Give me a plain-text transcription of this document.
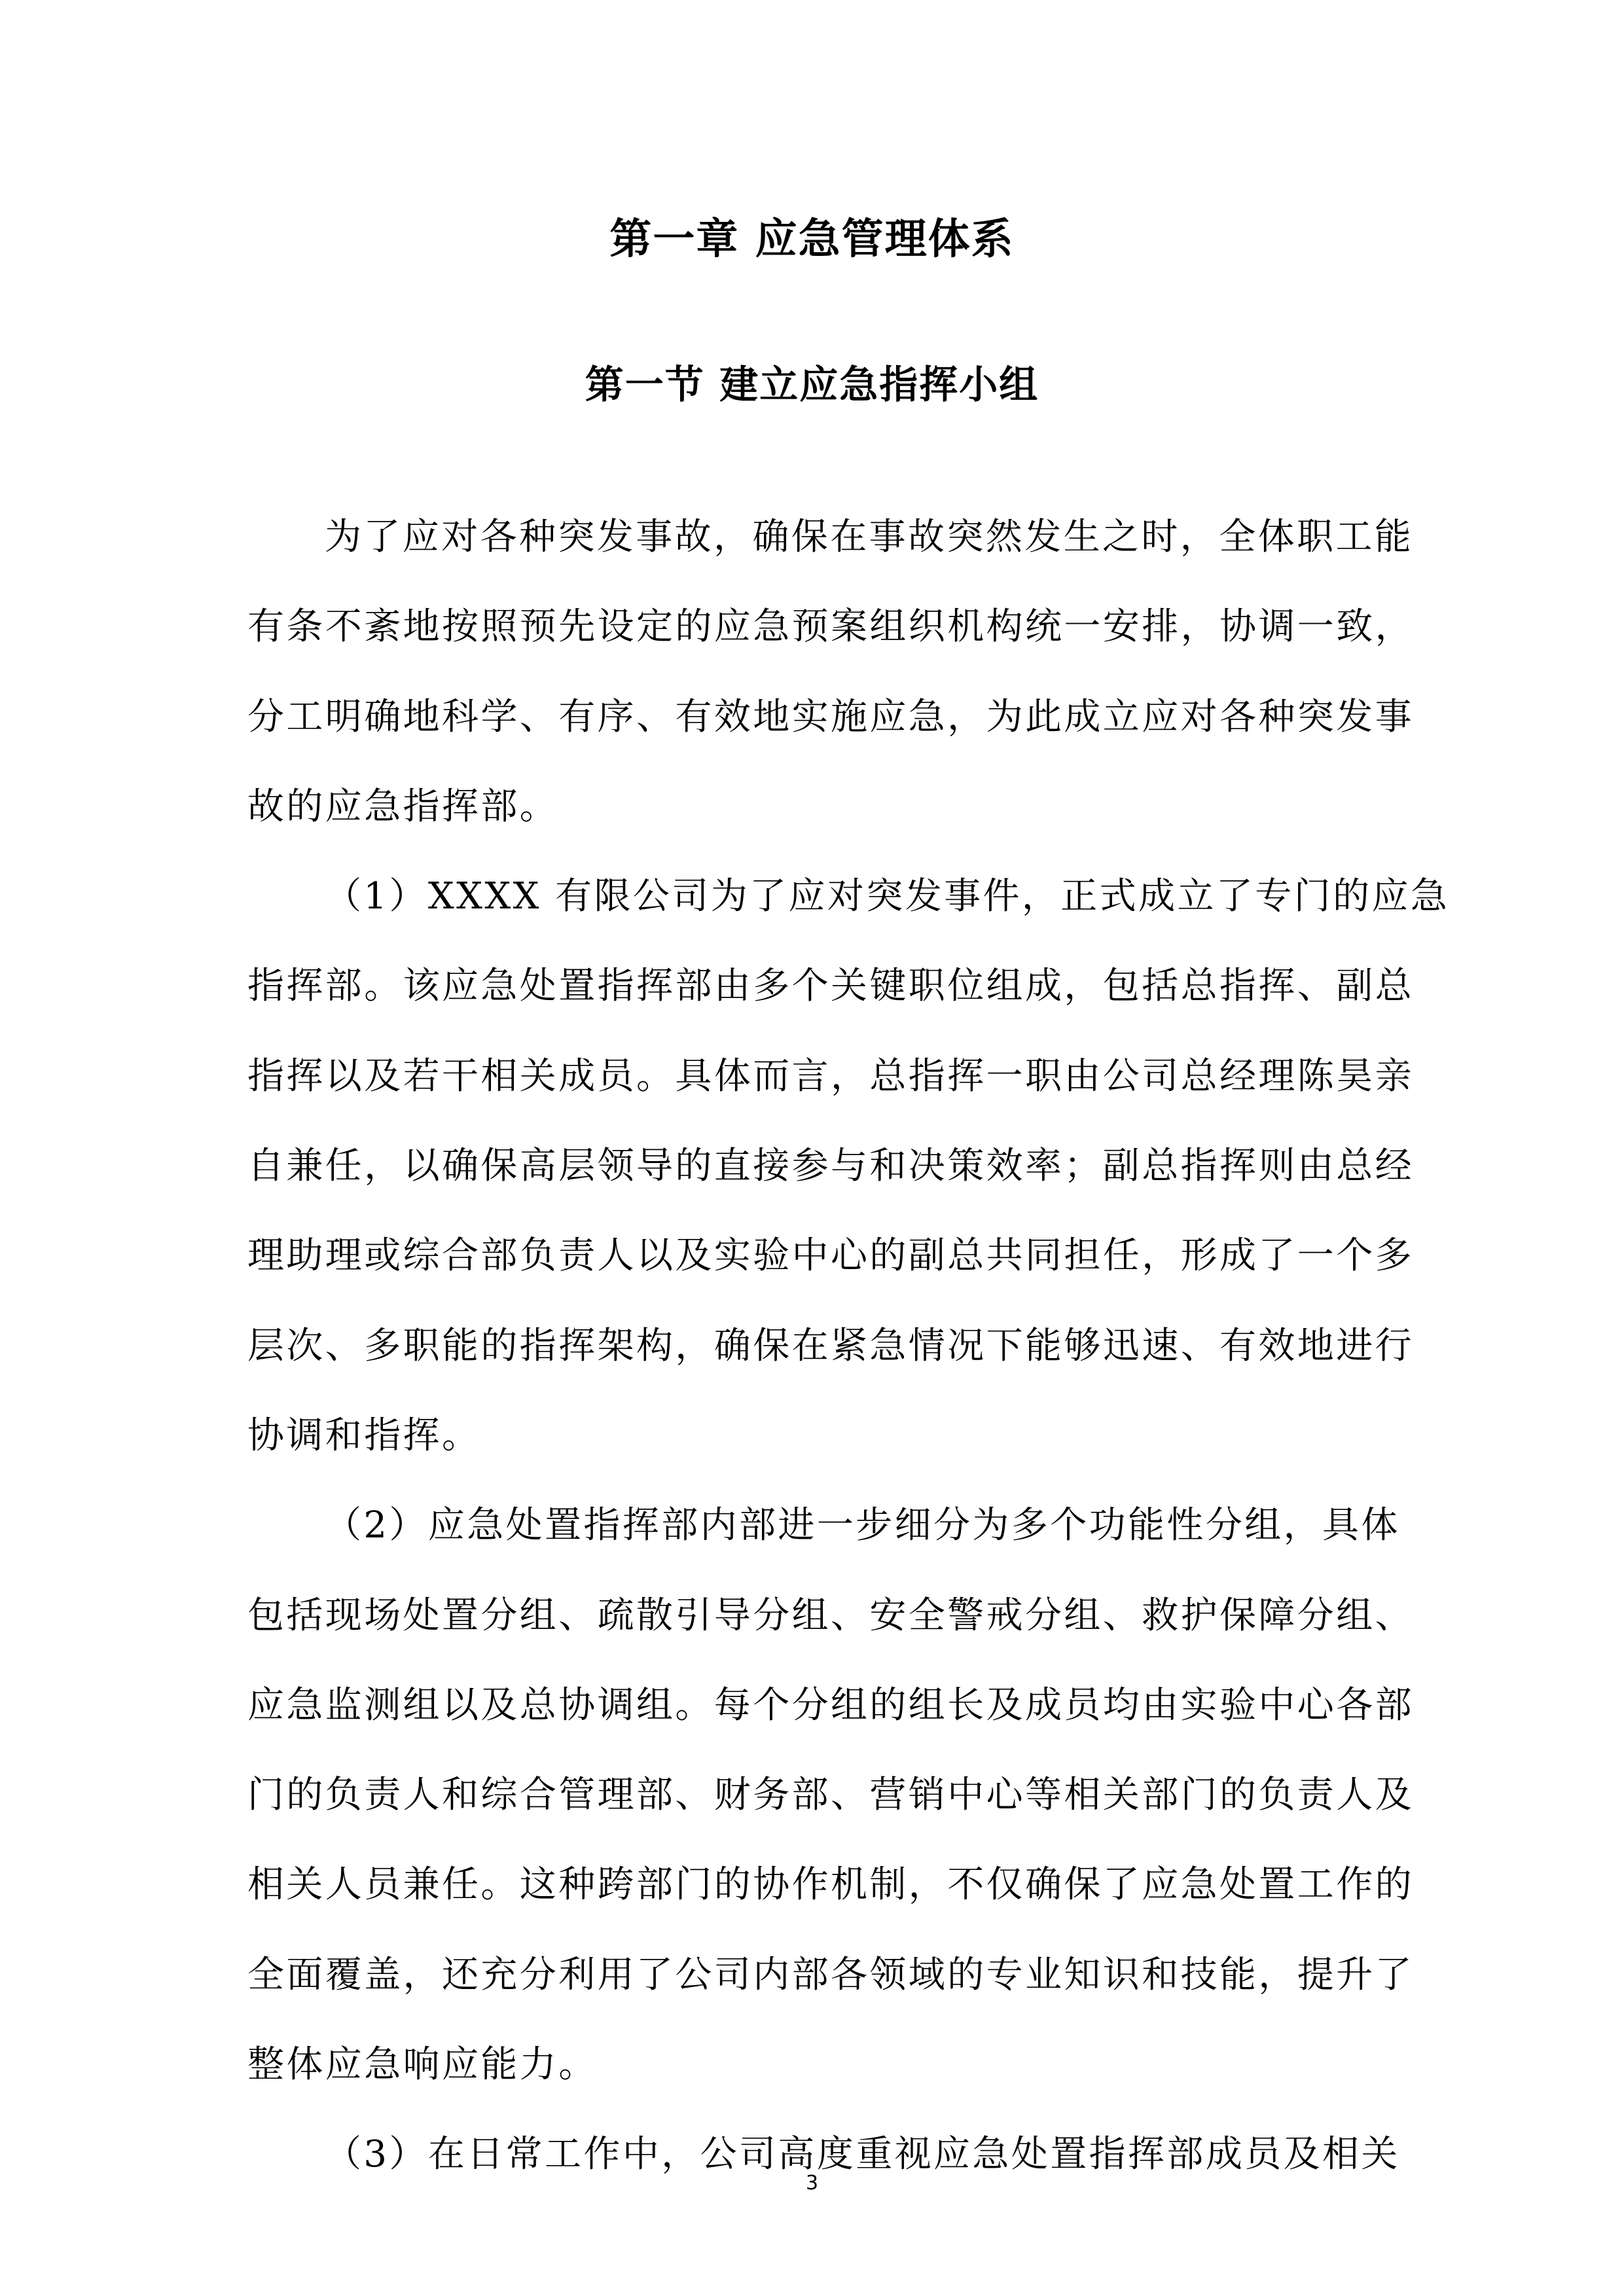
第一章 应急管理体系
第一节 建立应急指挥小组

为了应对各种突发事故，确保在事故突然发生之时，全体职工能
有条不紊地按照预先设定的应急预案组织机构统一安排，协调一致，
分工明确地科学、有序、有效地实施应急，为此成立应对各种突发事
故的应急指挥部。

（1）XXXX 有限公司为了应对突发事件，正式成立了专门的应急
指挥部。该应急处置指挥部由多个关键职位组成，包括总指挥、副总
指挥以及若干相关成员。具体而言，总指挥一职由公司总经理陈昊亲
自兼任，以确保高层领导的直接参与和决策效率；副总指挥则由总经
理助理或综合部负责人以及实验中心的副总共同担任，形成了一个多
层次、多职能的指挥架构，确保在紧急情况下能够迅速、有效地进行
协调和指挥。

（2）应急处置指挥部内部进一步细分为多个功能性分组，具体
包括现场处置分组、疏散引导分组、安全警戒分组、救护保障分组、
应急监测组以及总协调组。每个分组的组长及成员均由实验中心各部
门的负责人和综合管理部、财务部、营销中心等相关部门的负责人及
相关人员兼任。这种跨部门的协作机制，不仅确保了应急处置工作的
全面覆盖，还充分利用了公司内部各领域的专业知识和技能，提升了
整体应急响应能力。

（3）在日常工作中，公司高度重视应急处置指挥部成员及相关

3
